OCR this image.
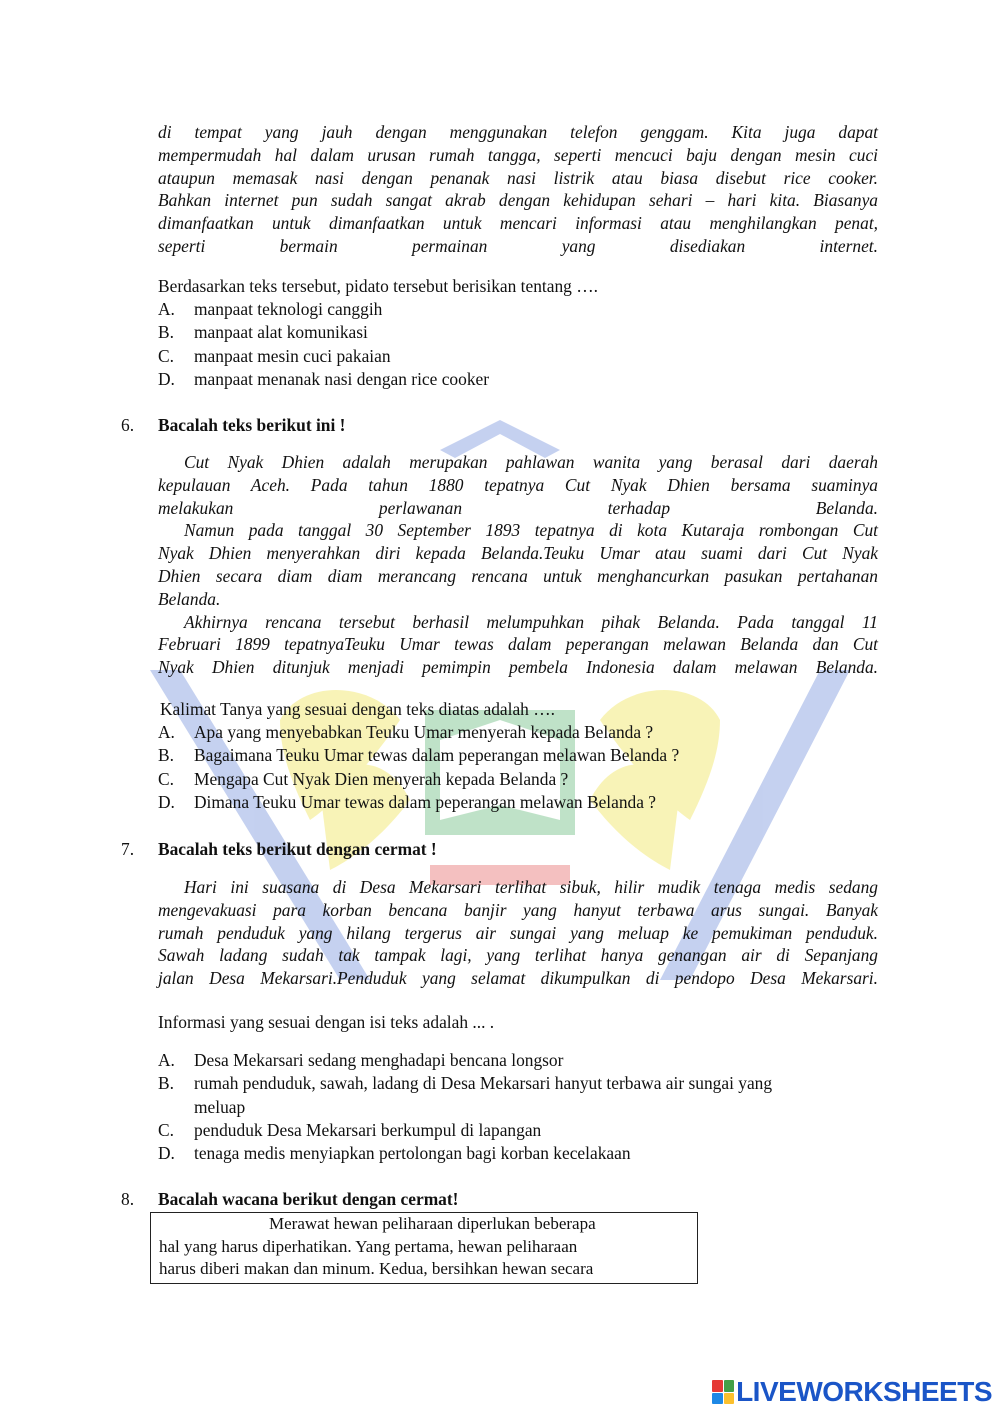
di tempat yang jauh dengan menggunakan telefon genggam. Kita juga dapat
mempermudah hal dalam urusan rumah tangga, seperti mencuci baju dengan mesin cuci
ataupun memasak nasi dengan penanak nasi listrik atau biasa disebut rice cooker.
Bahkan internet pun sudah sangat akrab dengan kehidupan sehari – hari kita. Biasanya
dimanfaatkan untuk dimanfaatkan untuk mencari informasi atau menghilangkan penat,
seperti bermain permainan yang disediakan internet.
Berdasarkan teks tersebut, pidato tersebut berisikan tentang ….
A. manpaat teknologi canggih
B. manpaat alat komunikasi
C. manpaat mesin cuci pakaian
D. manpaat menanak nasi dengan rice cooker
6. Bacalah teks berikut ini !
Cut Nyak Dhien adalah merupakan pahlawan wanita yang berasal dari daerah
kepulauan Aceh. Pada tahun 1880 tepatnya Cut Nyak Dhien bersama suaminya
melakukan perlawanan terhadap Belanda.
Namun pada tanggal 30 September 1893 tepatnya di kota Kutaraja rombongan Cut
Nyak Dhien menyerahkan diri kepada Belanda.Teuku Umar atau suami dari Cut Nyak
Dhien secara diam diam merancang rencana untuk menghancurkan pasukan pertahanan
Belanda.
Akhirnya rencana tersebut berhasil melumpuhkan pihak Belanda. Pada tanggal 11
Februari 1899 tepatnyaTeuku Umar tewas dalam peperangan melawan Belanda dan Cut
Nyak Dhien ditunjuk menjadi pemimpin pembela Indonesia dalam melawan Belanda.
Kalimat Tanya yang sesuai dengan teks diatas adalah ….
A. Apa yang menyebabkan Teuku Umar menyerah kepada Belanda ?
B. Bagaimana Teuku Umar tewas dalam peperangan melawan Belanda ?
C. Mengapa Cut Nyak Dien menyerah kepada Belanda ?
D. Dimana Teuku Umar tewas dalam peperangan melawan Belanda ?
7. Bacalah teks berikut dengan cermat !
Hari ini suasana di Desa Mekarsari terlihat sibuk, hilir mudik tenaga medis sedang
mengevakuasi para korban bencana banjir yang hanyut terbawa arus sungai. Banyak
rumah penduduk yang hilang tergerus air sungai yang meluap ke pemukiman penduduk.
Sawah ladang sudah tak tampak lagi, yang terlihat hanya genangan air di Sepanjang
jalan Desa Mekarsari.Penduduk yang selamat dikumpulkan di pendopo Desa Mekarsari.
Informasi yang sesuai dengan isi teks adalah ... .
A. Desa Mekarsari sedang menghadapi bencana longsor
B. rumah penduduk, sawah, ladang di Desa Mekarsari hanyut terbawa air sungai yang
meluap
C. penduduk Desa Mekarsari berkumpul di lapangan
D. tenaga medis menyiapkan pertolongan bagi korban kecelakaan
8. Bacalah wacana berikut dengan cermat!
Merawat hewan peliharaan diperlukan beberapa
hal yang harus diperhatikan. Yang pertama, hewan peliharaan
harus diberi makan dan minum. Kedua, bersihkan hewan secara
LIVEWORKSHEETS
